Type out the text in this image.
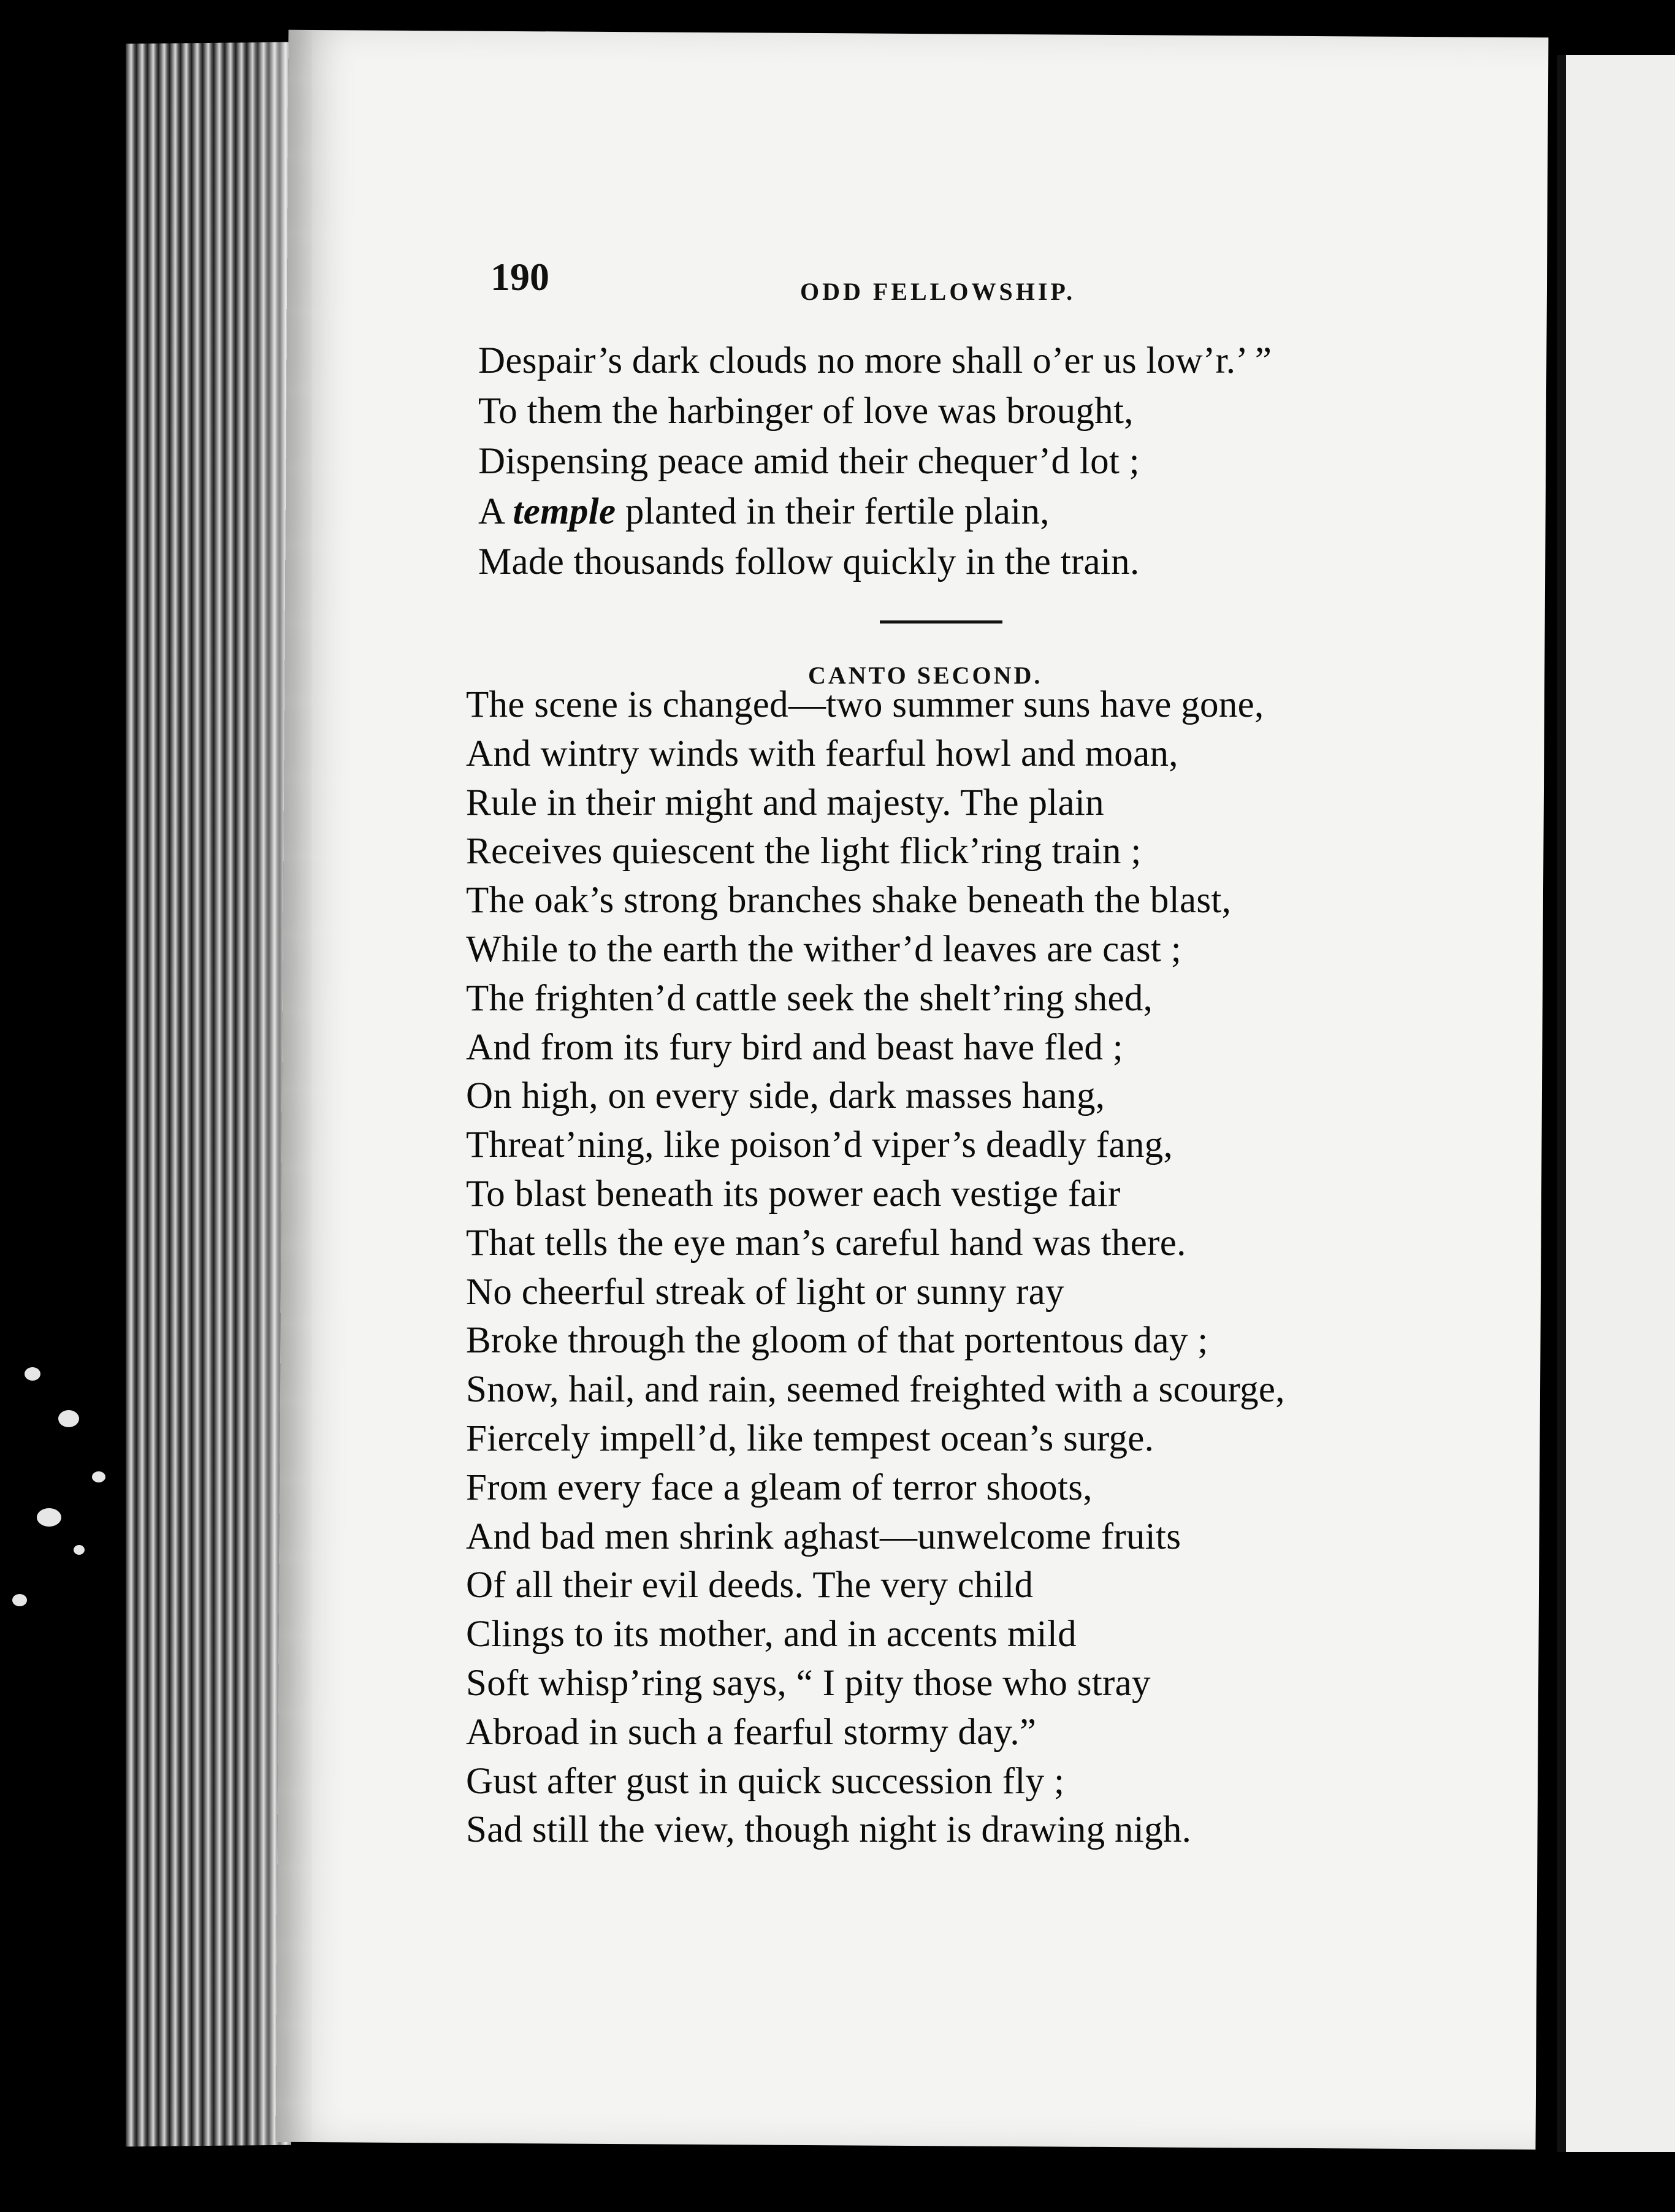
190	ODD FELLOWSHIP.
Despair’s dark clouds no more shall o’er us low’r.’ ”
To them the harbinger of love was brought,
Dispensing peace amid their chequer’d lot ;
A temple planted in their fertile plain,
Made thousands follow quickly in the train.
CANTO SECOND.
The scene is changed—two summer suns have gone,
And wintry winds with fearful howl and moan,
Rule in their might and majesty. The plain
Receives quiescent the light flick’ring train ;
The oak’s strong branches shake beneath the blast,
While to the earth the wither’d leaves are cast ;
The frighten’d cattle seek the shelt’ring shed,
And from its fury bird and beast have fled ;
On high, on every side, dark masses hang,
Threat’ning, like poison’d viper’s deadly fang,
To blast beneath its power each vestige fair
That tells the eye man’s careful hand was there.
No cheerful streak of light or sunny ray
Broke through the gloom of that portentous day ;
Snow, hail, and rain, seemed freighted with a scourge,
Fiercely impell’d, like tempest ocean’s surge.
From every face a gleam of terror shoots,
And bad men shrink aghast—unwelcome fruits
Of all their evil deeds. The very child
Clings to its mother, and in accents mild
Soft whisp’ring says, “ I pity those who stray
Abroad in such a fearful stormy day.”
Gust after gust in quick succession fly ;
Sad still the view, though night is drawing nigh.
